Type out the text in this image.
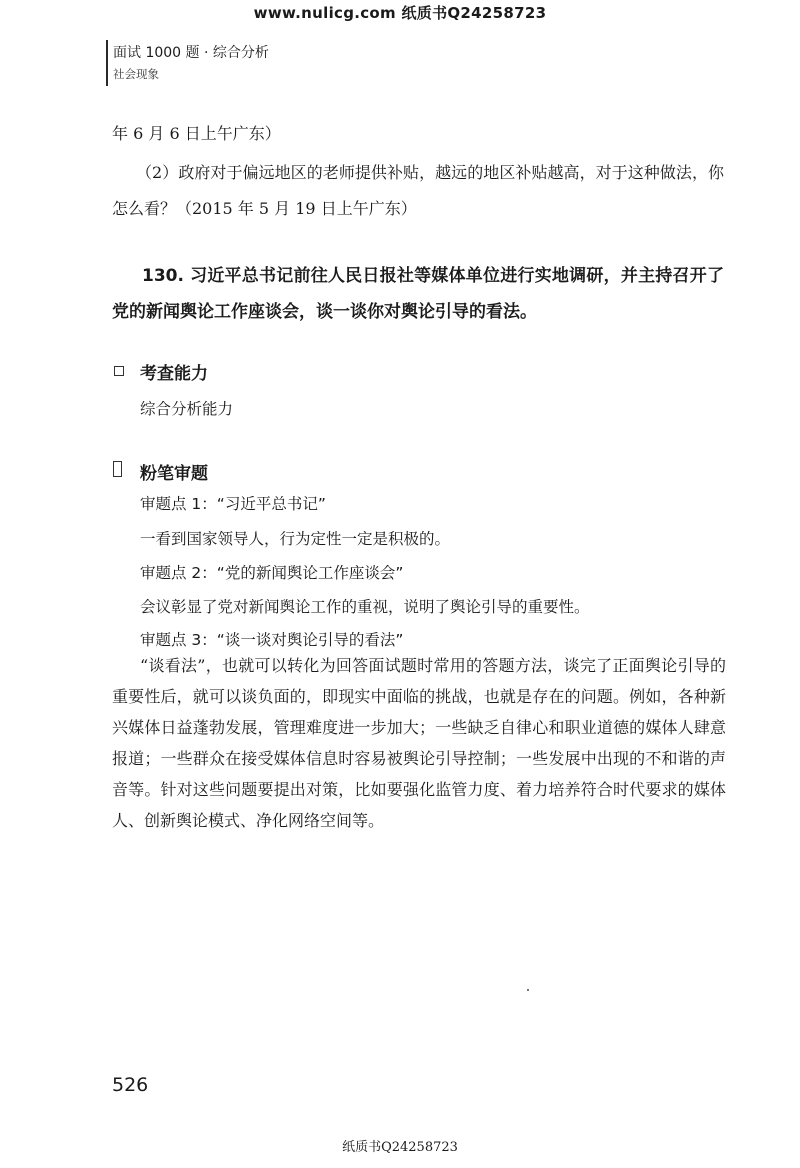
www.nulicg.com 纸质书Q24258723
面试 1000 题 · 综合分析
社会现象
年 6 月 6 日上午广东）
（2）政府对于偏远地区的老师提供补贴，越远的地区补贴越高，对于这种做法，你怎么看？（2015 年 5 月 19 日上午广东）
130. 习近平总书记前往人民日报社等媒体单位进行实地调研，并主持召开了党的新闻舆论工作座谈会，谈一谈你对舆论引导的看法。
考查能力
综合分析能力
粉笔审题
审题点 1：“习近平总书记”
一看到国家领导人，行为定性一定是积极的。
审题点 2：“党的新闻舆论工作座谈会”
会议彰显了党对新闻舆论工作的重视，说明了舆论引导的重要性。
审题点 3：“谈一谈对舆论引导的看法”
“谈看法”，也就可以转化为回答面试题时常用的答题方法，谈完了正面舆论引导的重要性后，就可以谈负面的，即现实中面临的挑战，也就是存在的问题。例如，各种新兴媒体日益蓬勃发展，管理难度进一步加大；一些缺乏自律心和职业道德的媒体人肆意报道；一些群众在接受媒体信息时容易被舆论引导控制；一些发展中出现的不和谐的声音等。针对这些问题要提出对策，比如要强化监管力度、着力培养符合时代要求的媒体人、创新舆论模式、净化网络空间等。
526
纸质书Q24258723
